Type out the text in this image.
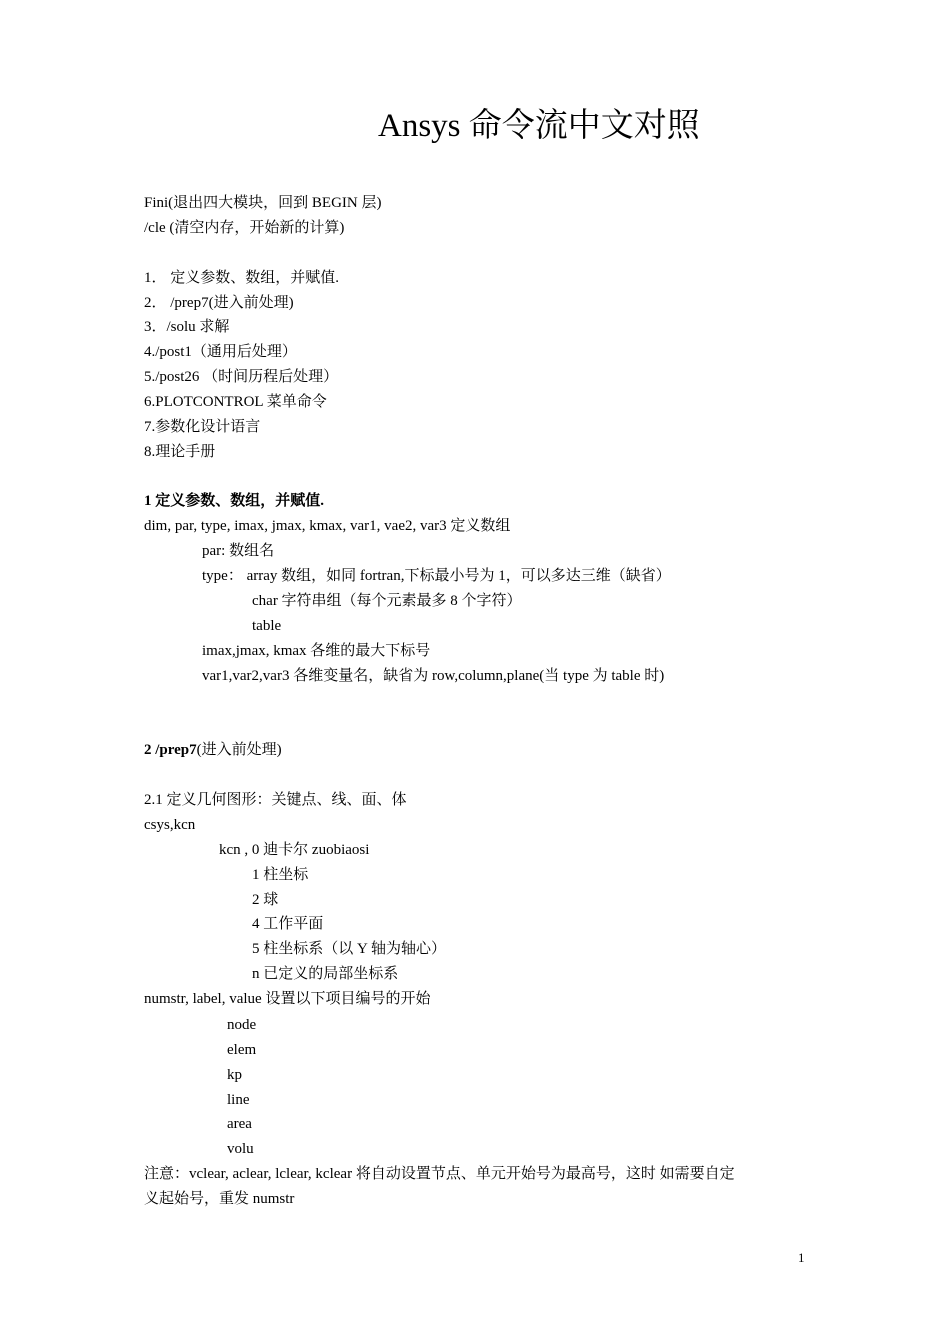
Ansys 命令流中文对照
Fini(退出四大模块，回到 BEGIN 层)
/cle (清空内存，开始新的计算)
1． 定义参数、数组，并赋值.
2． /prep7(进入前处理)
3．/solu 求解
4./post1（通用后处理）
5./post26 （时间历程后处理）
6.PLOTCONTROL 菜单命令
7.参数化设计语言
8.理论手册
1 定义参数、数组，并赋值.
dim, par, type, imax, jmax, kmax, var1, vae2, var3 定义数组
par: 数组名
type： array 数组，如同 fortran,下标最小号为 1，可以多达三维（缺省）
char 字符串组（每个元素最多 8 个字符）
table
imax,jmax, kmax 各维的最大下标号
var1,var2,var3 各维变量名，缺省为 row,column,plane(当 type 为 table 时)
2 /prep7(进入前处理)
2.1 定义几何图形：关键点、线、面、体
csys,kcn
kcn , 0 迪卡尔 zuobiaosi
1 柱坐标
2 球
4 工作平面
5 柱坐标系（以 Y 轴为轴心）
n 已定义的局部坐标系
numstr, label, value 设置以下项目编号的开始
node
elem
kp
line
area
volu
注意：vclear, aclear, lclear, kclear 将自动设置节点、单元开始号为最高号，这时 如需要自定
义起始号，重发 numstr
1
